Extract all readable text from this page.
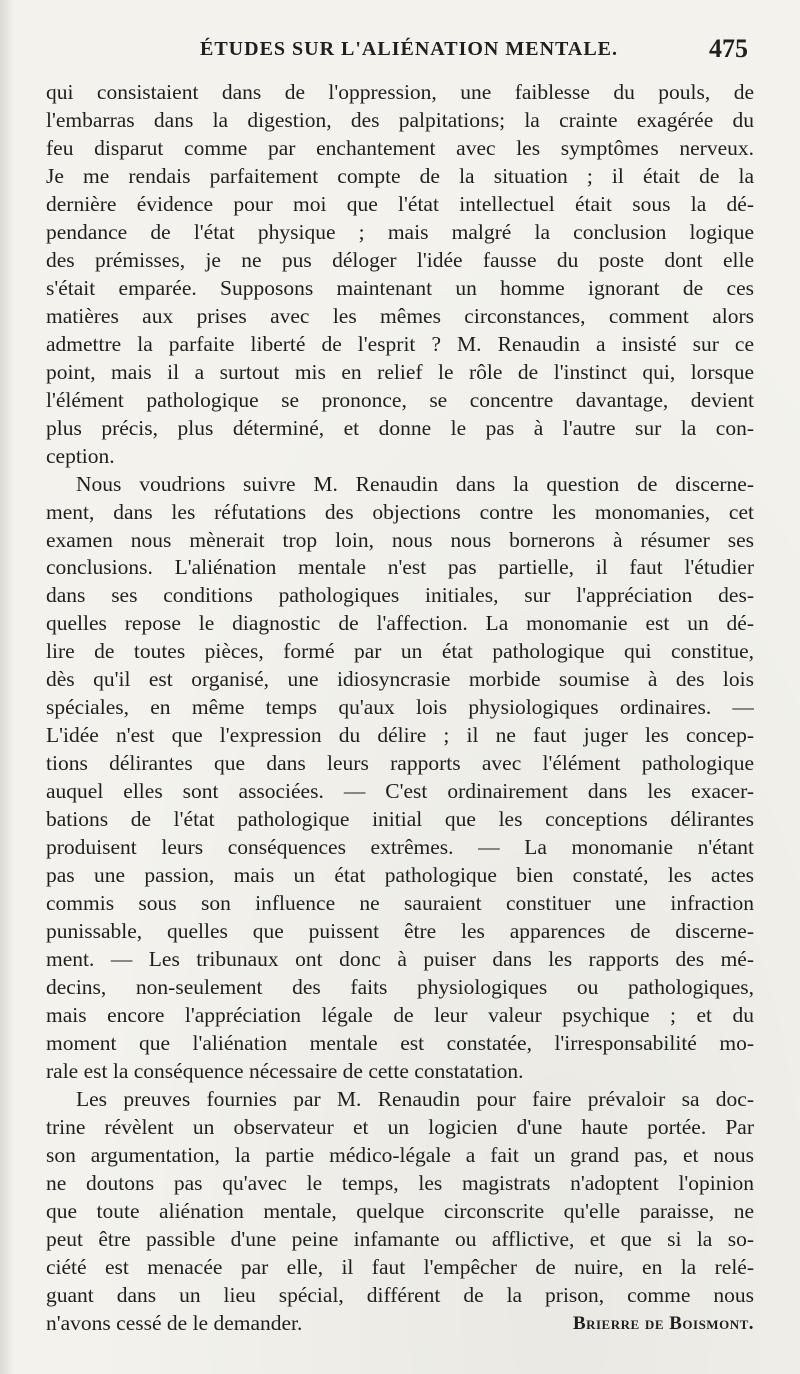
ÉTUDES SUR L'ALIÉNATION MENTALE.	475
qui consistaient dans de l'oppression, une faiblesse du pouls, de
l'embarras dans la digestion, des palpitations; la crainte exagérée du
feu disparut comme par enchantement avec les symptômes nerveux.
Je me rendais parfaitement compte de la situation ; il était de la
dernière évidence pour moi que l'état intellectuel était sous la dé-
pendance de l'état physique ; mais malgré la conclusion logique
des prémisses, je ne pus déloger l'idée fausse du poste dont elle
s'était emparée. Supposons maintenant un homme ignorant de ces
matières aux prises avec les mêmes circonstances, comment alors
admettre la parfaite liberté de l'esprit ? M. Renaudin a insisté sur ce
point, mais il a surtout mis en relief le rôle de l'instinct qui, lorsque
l'élément pathologique se prononce, se concentre davantage, devient
plus précis, plus déterminé, et donne le pas à l'autre sur la con-
ception.
Nous voudrions suivre M. Renaudin dans la question de discerne-
ment, dans les réfutations des objections contre les monomanies, cet
examen nous mènerait trop loin, nous nous bornerons à résumer ses
conclusions. L'aliénation mentale n'est pas partielle, il faut l'étudier
dans ses conditions pathologiques initiales, sur l'appréciation des-
quelles repose le diagnostic de l'affection. La monomanie est un dé-
lire de toutes pièces, formé par un état pathologique qui constitue,
dès qu'il est organisé, une idiosyncrasie morbide soumise à des lois
spéciales, en même temps qu'aux lois physiologiques ordinaires. —
L'idée n'est que l'expression du délire ; il ne faut juger les concep-
tions délirantes que dans leurs rapports avec l'élément pathologique
auquel elles sont associées. — C'est ordinairement dans les exacer-
bations de l'état pathologique initial que les conceptions délirantes
produisent leurs conséquences extrêmes. — La monomanie n'étant
pas une passion, mais un état pathologique bien constaté, les actes
commis sous son influence ne sauraient constituer une infraction
punissable, quelles que puissent être les apparences de discerne-
ment. — Les tribunaux ont donc à puiser dans les rapports des mé-
decins, non-seulement des faits physiologiques ou pathologiques,
mais encore l'appréciation légale de leur valeur psychique ; et du
moment que l'aliénation mentale est constatée, l'irresponsabilité mo-
rale est la conséquence nécessaire de cette constatation.
Les preuves fournies par M. Renaudin pour faire prévaloir sa doc-
trine révèlent un observateur et un logicien d'une haute portée. Par
son argumentation, la partie médico-légale a fait un grand pas, et nous
ne doutons pas qu'avec le temps, les magistrats n'adoptent l'opinion
que toute aliénation mentale, quelque circonscrite qu'elle paraisse, ne
peut être passible d'une peine infamante ou afflictive, et que si la so-
ciété est menacée par elle, il faut l'empêcher de nuire, en la relé-
guant dans un lieu spécial, différent de la prison, comme nous
n'avons cessé de le demander.	Brierre de Boismont.
